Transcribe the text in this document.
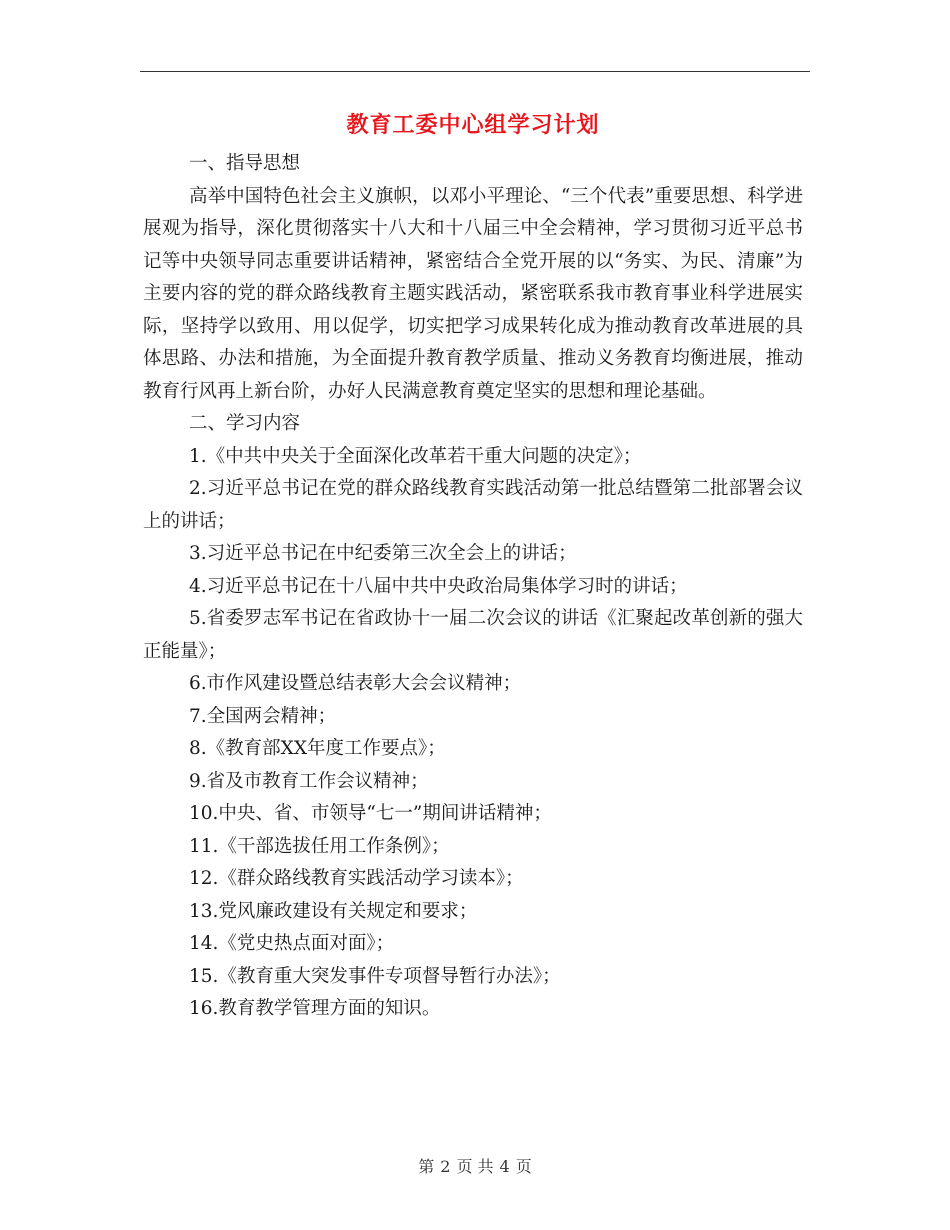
教育工委中心组学习计划

一、指导思想

高举中国特色社会主义旗帜，以邓小平理论、“三个代表”重要思想、科学进展观为指导，深化贯彻落实十八大和十八届三中全会精神，学习贯彻习近平总书记等中央领导同志重要讲话精神，紧密结合全党开展的以“务实、为民、清廉”为主要内容的党的群众路线教育主题实践活动，紧密联系我市教育事业科学进展实际，坚持学以致用、用以促学，切实把学习成果转化成为推动教育改革进展的具体思路、办法和措施，为全面提升教育教学质量、推动义务教育均衡进展，推动教育行风再上新台阶，办好人民满意教育奠定坚实的思想和理论基础。

二、学习内容

1.《中共中央关于全面深化改革若干重大问题的决定》；

2.习近平总书记在党的群众路线教育实践活动第一批总结暨第二批部署会议上的讲话；

3.习近平总书记在中纪委第三次全会上的讲话；

4.习近平总书记在十八届中共中央政治局集体学习时的讲话；

5.省委罗志军书记在省政协十一届二次会议的讲话《汇聚起改革创新的强大正能量》；

6.市作风建设暨总结表彰大会会议精神；

7.全国两会精神；

8.《教育部XX年度工作要点》；

9.省及市教育工作会议精神；

10.中央、省、市领导“七一”期间讲话精神；

11.《干部选拔任用工作条例》；

12.《群众路线教育实践活动学习读本》；

13.党风廉政建设有关规定和要求；

14.《党史热点面对面》；

15.《教育重大突发事件专项督导暂行办法》；

16.教育教学管理方面的知识。

第 2 页 共 4 页
